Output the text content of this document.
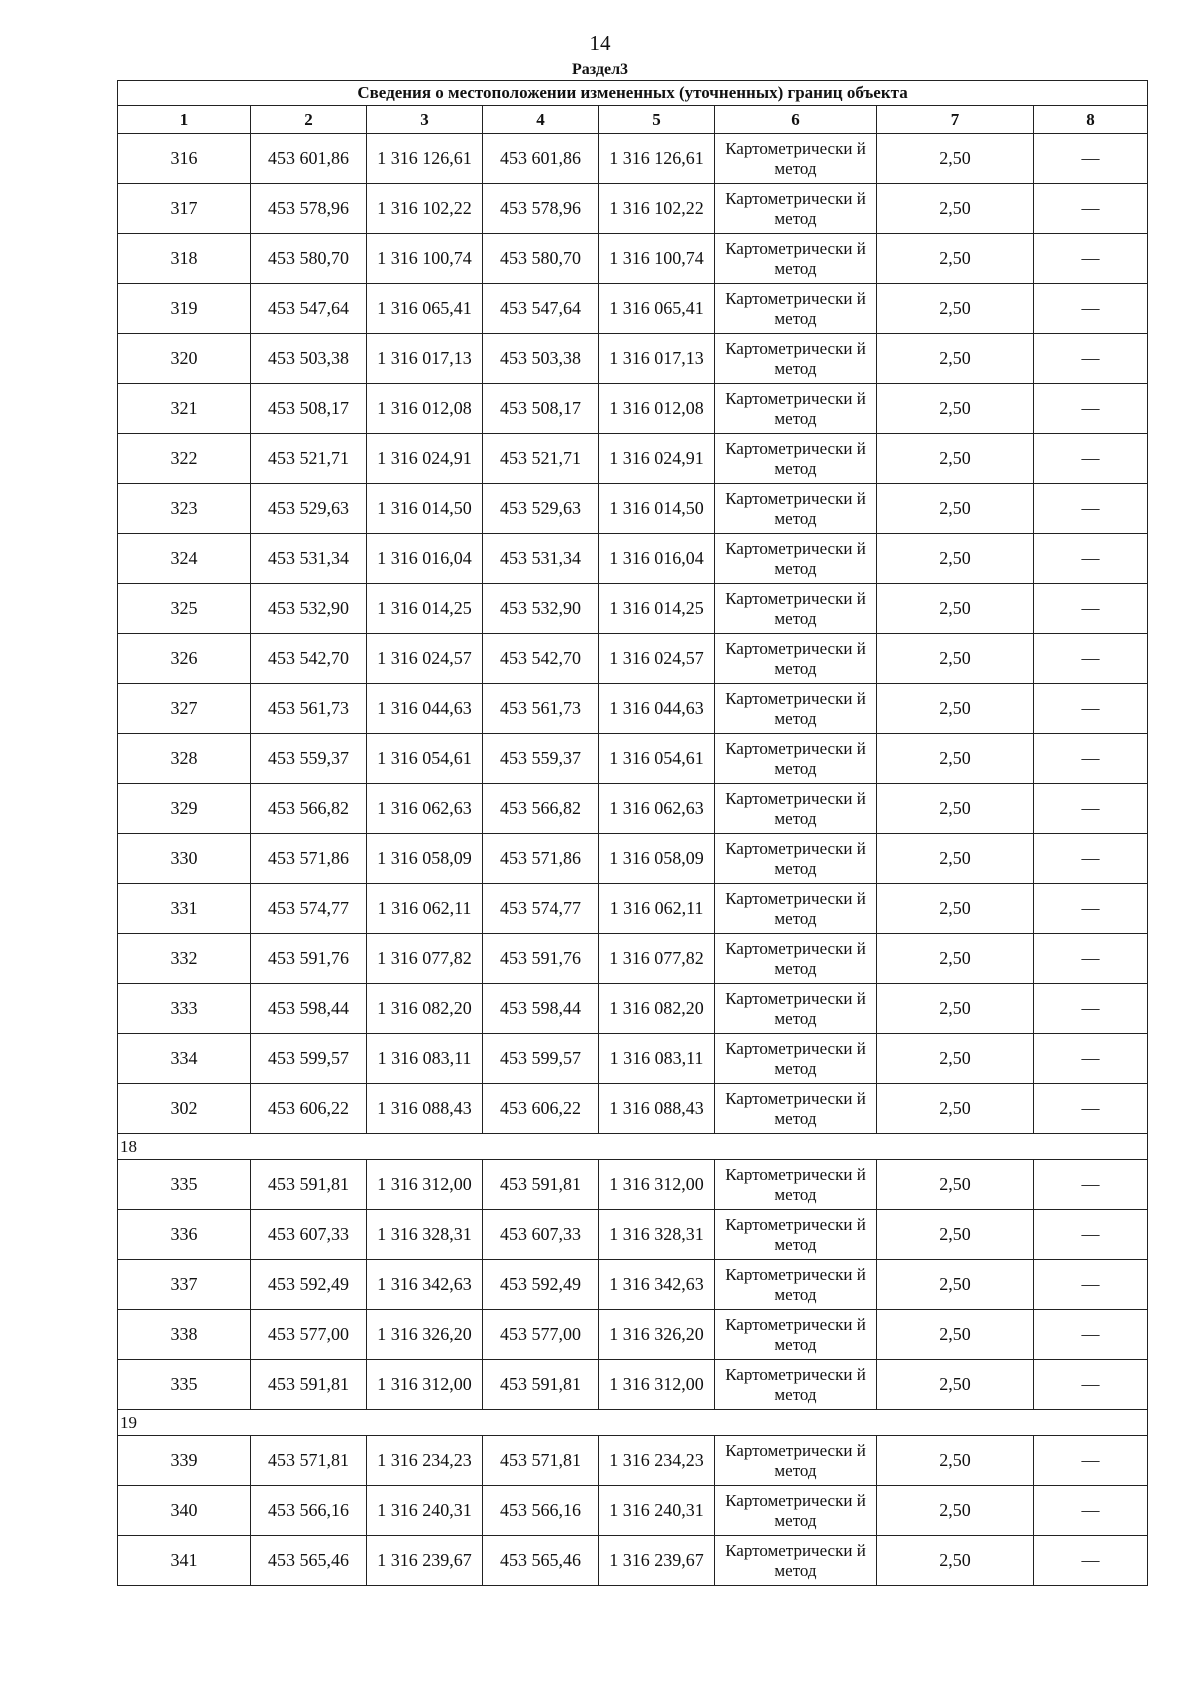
14
Раздел3
Сведения о местоположении измененных (уточненных) границ объекта							
1	2	3	4	5	6	7	8
316	453 601,86	1 316 126,61	453 601,86	1 316 126,61	Картометрически й метод	2,50	—
317	453 578,96	1 316 102,22	453 578,96	1 316 102,22	Картометрически й метод	2,50	—
318	453 580,70	1 316 100,74	453 580,70	1 316 100,74	Картометрически й метод	2,50	—
319	453 547,64	1 316 065,41	453 547,64	1 316 065,41	Картометрически й метод	2,50	—
320	453 503,38	1 316 017,13	453 503,38	1 316 017,13	Картометрически й метод	2,50	—
321	453 508,17	1 316 012,08	453 508,17	1 316 012,08	Картометрически й метод	2,50	—
322	453 521,71	1 316 024,91	453 521,71	1 316 024,91	Картометрически й метод	2,50	—
323	453 529,63	1 316 014,50	453 529,63	1 316 014,50	Картометрически й метод	2,50	—
324	453 531,34	1 316 016,04	453 531,34	1 316 016,04	Картометрически й метод	2,50	—
325	453 532,90	1 316 014,25	453 532,90	1 316 014,25	Картометрически й метод	2,50	—
326	453 542,70	1 316 024,57	453 542,70	1 316 024,57	Картометрически й метод	2,50	—
327	453 561,73	1 316 044,63	453 561,73	1 316 044,63	Картометрически й метод	2,50	—
328	453 559,37	1 316 054,61	453 559,37	1 316 054,61	Картометрически й метод	2,50	—
329	453 566,82	1 316 062,63	453 566,82	1 316 062,63	Картометрически й метод	2,50	—
330	453 571,86	1 316 058,09	453 571,86	1 316 058,09	Картометрически й метод	2,50	—
331	453 574,77	1 316 062,11	453 574,77	1 316 062,11	Картометрически й метод	2,50	—
332	453 591,76	1 316 077,82	453 591,76	1 316 077,82	Картометрически й метод	2,50	—
333	453 598,44	1 316 082,20	453 598,44	1 316 082,20	Картометрически й метод	2,50	—
334	453 599,57	1 316 083,11	453 599,57	1 316 083,11	Картометрически й метод	2,50	—
302	453 606,22	1 316 088,43	453 606,22	1 316 088,43	Картометрически й метод	2,50	—
18							
335	453 591,81	1 316 312,00	453 591,81	1 316 312,00	Картометрически й метод	2,50	—
336	453 607,33	1 316 328,31	453 607,33	1 316 328,31	Картометрически й метод	2,50	—
337	453 592,49	1 316 342,63	453 592,49	1 316 342,63	Картометрически й метод	2,50	—
338	453 577,00	1 316 326,20	453 577,00	1 316 326,20	Картометрически й метод	2,50	—
335	453 591,81	1 316 312,00	453 591,81	1 316 312,00	Картометрически й метод	2,50	—
19							
339	453 571,81	1 316 234,23	453 571,81	1 316 234,23	Картометрически й метод	2,50	—
340	453 566,16	1 316 240,31	453 566,16	1 316 240,31	Картометрически й метод	2,50	—
341	453 565,46	1 316 239,67	453 565,46	1 316 239,67	Картометрически й метод	2,50	—
